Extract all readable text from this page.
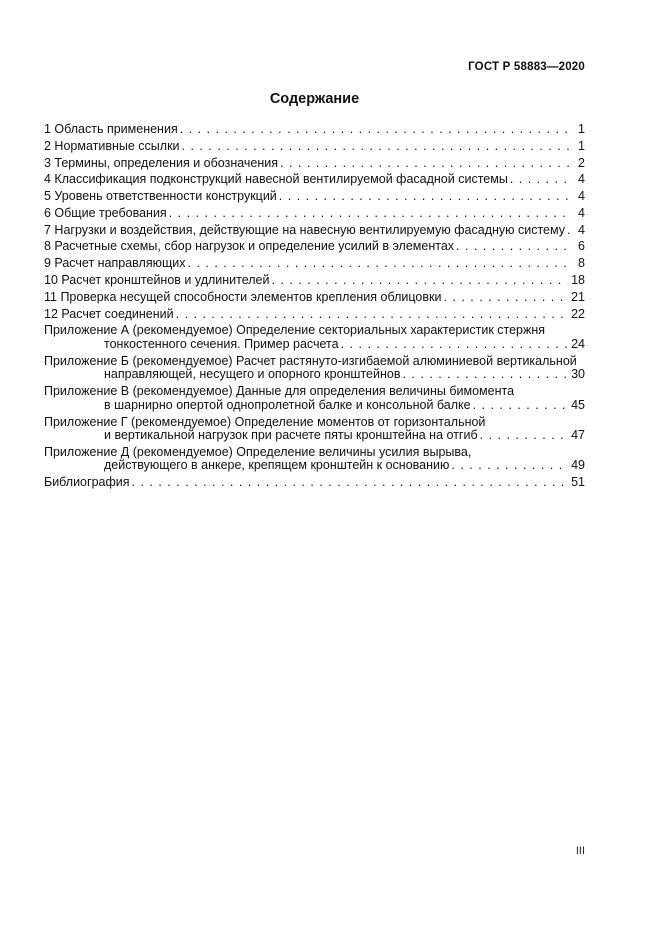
ГОСТ Р 58883—2020
Содержание
1 Область применения . . .	1
2 Нормативные ссылки . . .	1
3 Термины, определения и обозначения . . .	2
4 Классификация подконструкций навесной вентилируемой фасадной системы . . .	4
5 Уровень ответственности конструкций . . .	4
6 Общие требования . . .	4
7 Нагрузки и воздействия, действующие на навесную вентилируемую фасадную систему . . . 4
8 Расчетные схемы, сбор нагрузок и определение усилий в элементах . . .	6
9 Расчет направляющих . . .	8
10 Расчет кронштейнов и удлинителей . . .	18
11 Проверка несущей способности элементов крепления облицовки . . .	21
12 Расчет соединений . . .	22
Приложение А (рекомендуемое) Определение секториальных характеристик стержня
тонкостенного сечения. Пример расчета . . .	24
Приложение Б (рекомендуемое) Расчет растянуто-изгибаемой алюминиевой вертикальной
направляющей, несущего и опорного кронштейнов . . .	30
Приложение В (рекомендуемое) Данные для определения величины бимомента
в шарнирно опертой однопролетной балке и консольной балке . . .	45
Приложение Г (рекомендуемое) Определение моментов от горизонтальной
и вертикальной нагрузок при расчете пяты кронштейна на отгиб . . .	47
Приложение Д (рекомендуемое) Определение величины усилия вырыва,
действующего в анкере, крепящем кронштейн к основанию . . .	49
Библиография . . .	51
III
